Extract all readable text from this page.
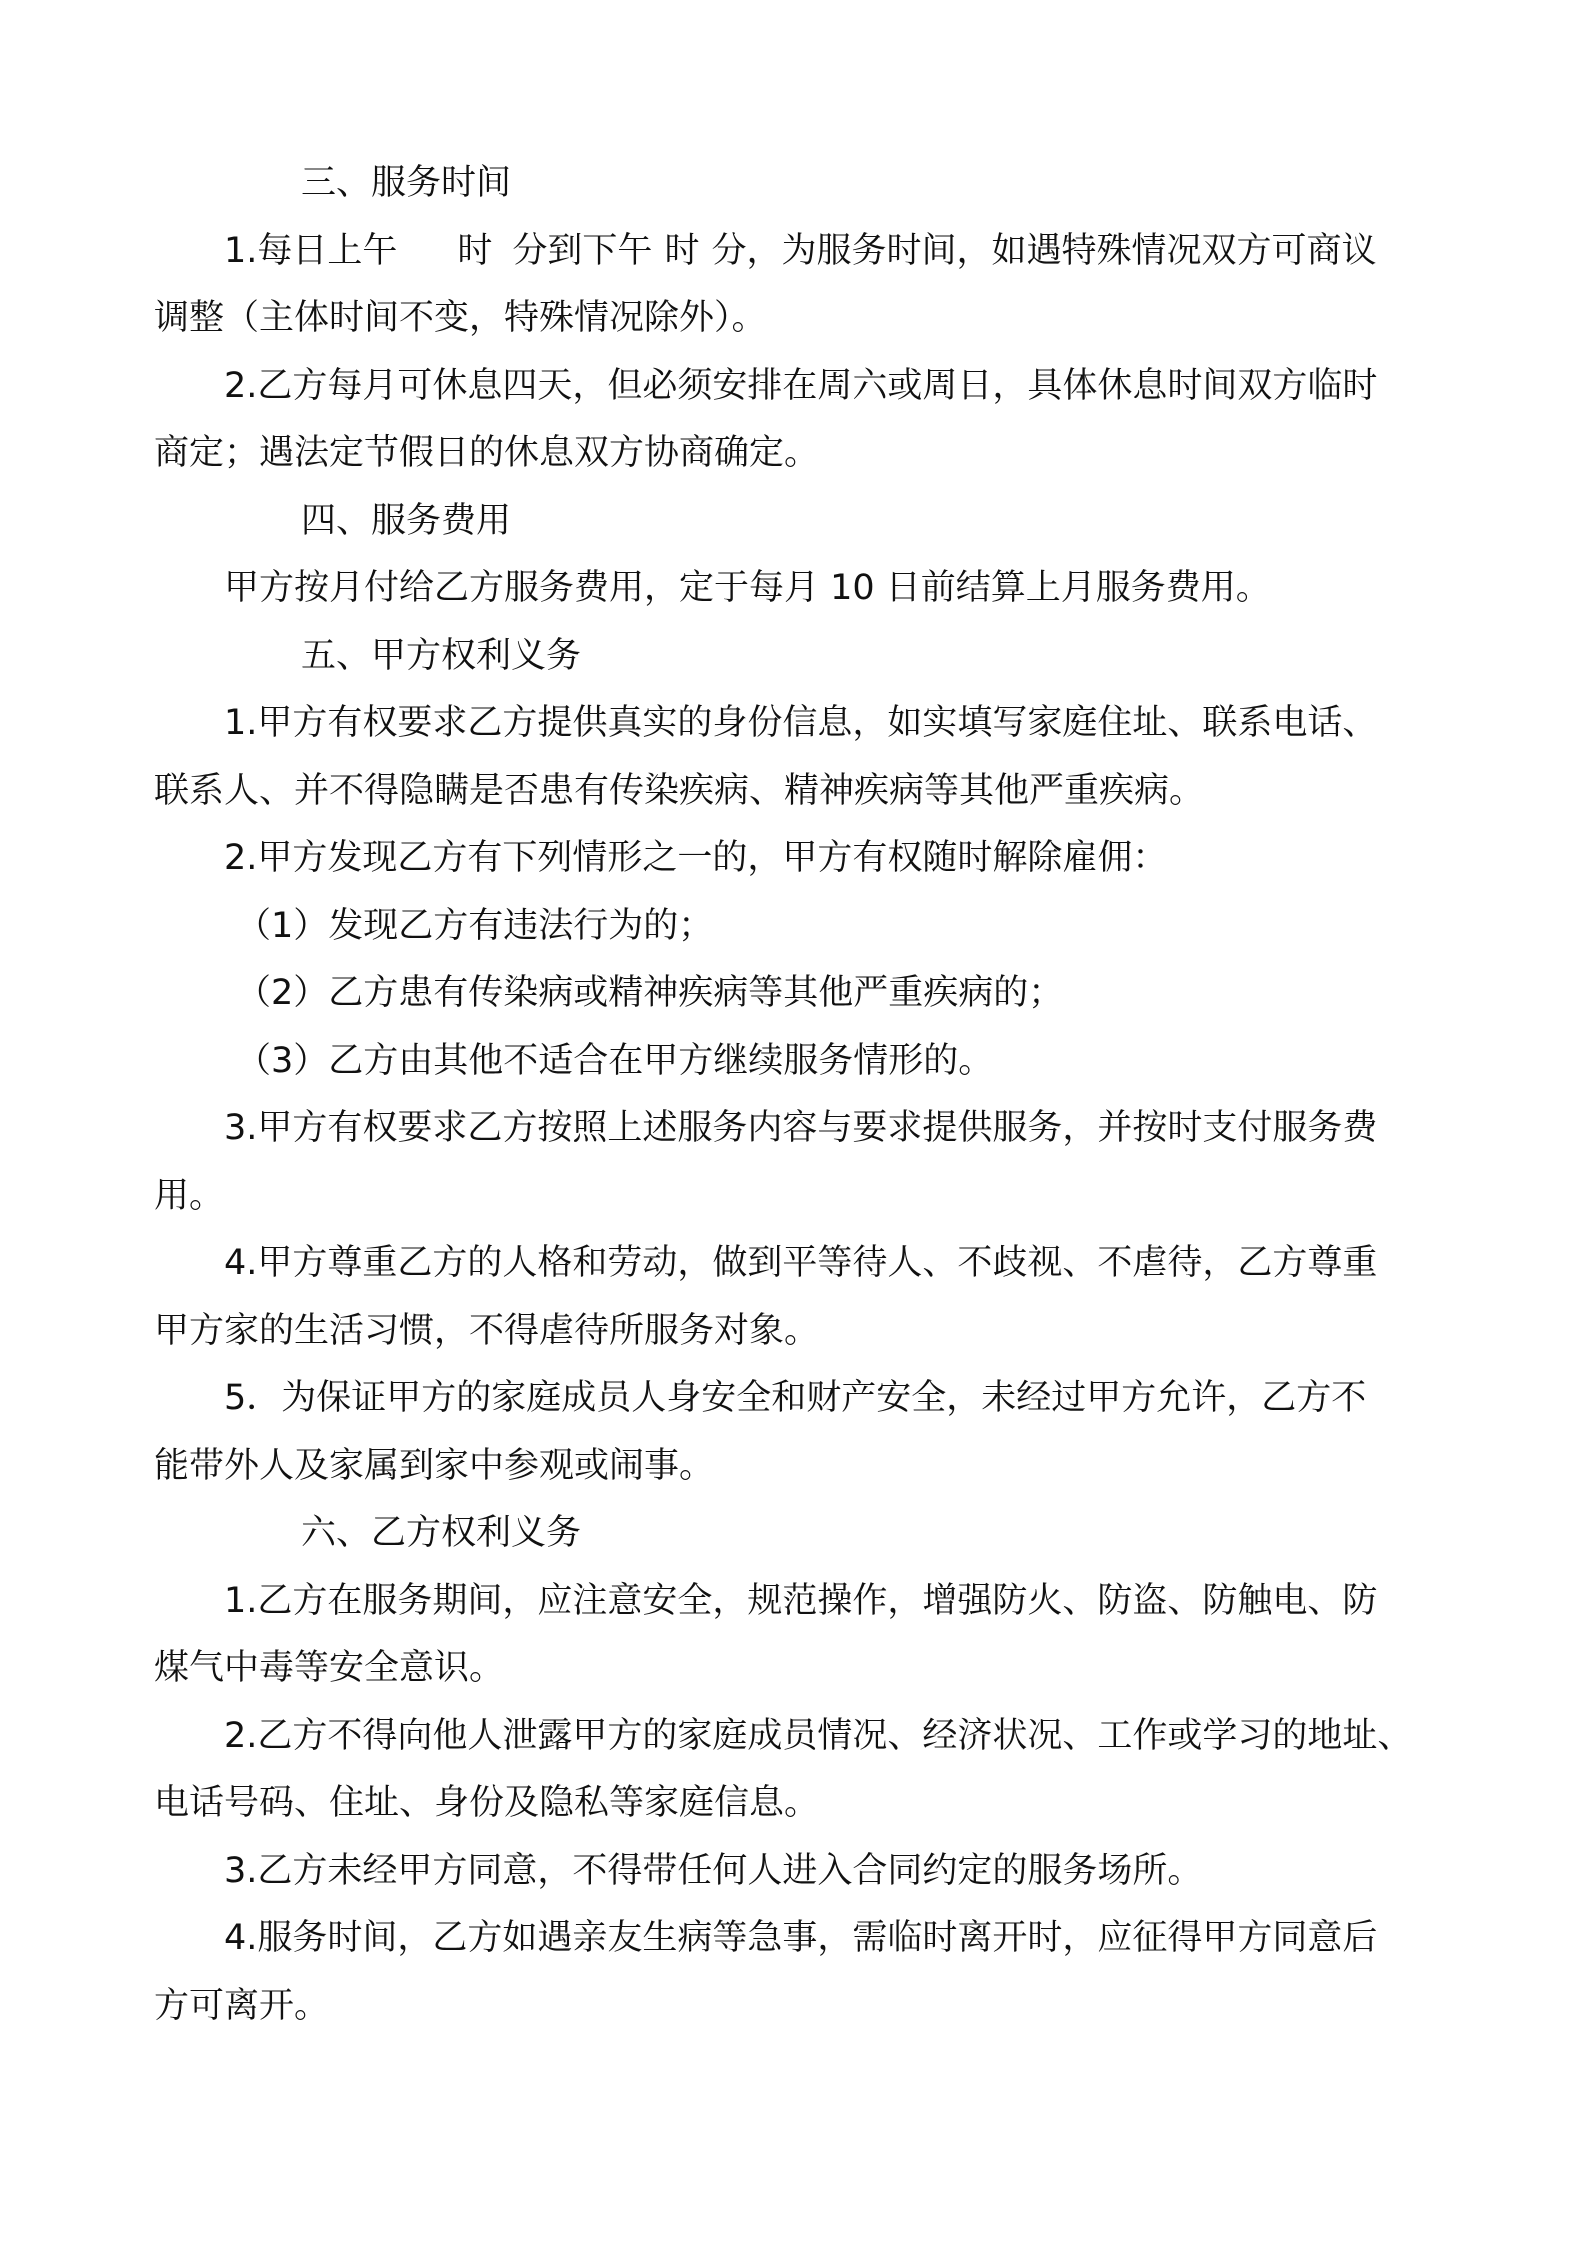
三、服务时间
1.每日上午 时 分到下午 时 分，为服务时间，如遇特殊情况双方可商议
调整（主体时间不变，特殊情况除外）。
2.乙方每月可休息四天，但必须安排在周六或周日，具体休息时间双方临时
商定；遇法定节假日的休息双方协商确定。
四、服务费用
甲方按月付给乙方服务费用，定于每月 10 日前结算上月服务费用。
五、甲方权利义务
1.甲方有权要求乙方提供真实的身份信息，如实填写家庭住址、联系电话、
联系人、并不得隐瞒是否患有传染疾病、精神疾病等其他严重疾病。
2.甲方发现乙方有下列情形之一的，甲方有权随时解除雇佣：
（1）发现乙方有违法行为的；
（2）乙方患有传染病或精神疾病等其他严重疾病的；
（3）乙方由其他不适合在甲方继续服务情形的。
3.甲方有权要求乙方按照上述服务内容与要求提供服务，并按时支付服务费
用。
4.甲方尊重乙方的人格和劳动，做到平等待人、不歧视、不虐待，乙方尊重
甲方家的生活习惯，不得虐待所服务对象。
5．为保证甲方的家庭成员人身安全和财产安全，未经过甲方允许，乙方不
能带外人及家属到家中参观或闹事。
六、乙方权利义务
1.乙方在服务期间，应注意安全，规范操作，增强防火、防盗、防触电、防
煤气中毒等安全意识。
2.乙方不得向他人泄露甲方的家庭成员情况、经济状况、工作或学习的地址、
电话号码、住址、身份及隐私等家庭信息。
3.乙方未经甲方同意，不得带任何人进入合同约定的服务场所。
4.服务时间，乙方如遇亲友生病等急事，需临时离开时，应征得甲方同意后
方可离开。
